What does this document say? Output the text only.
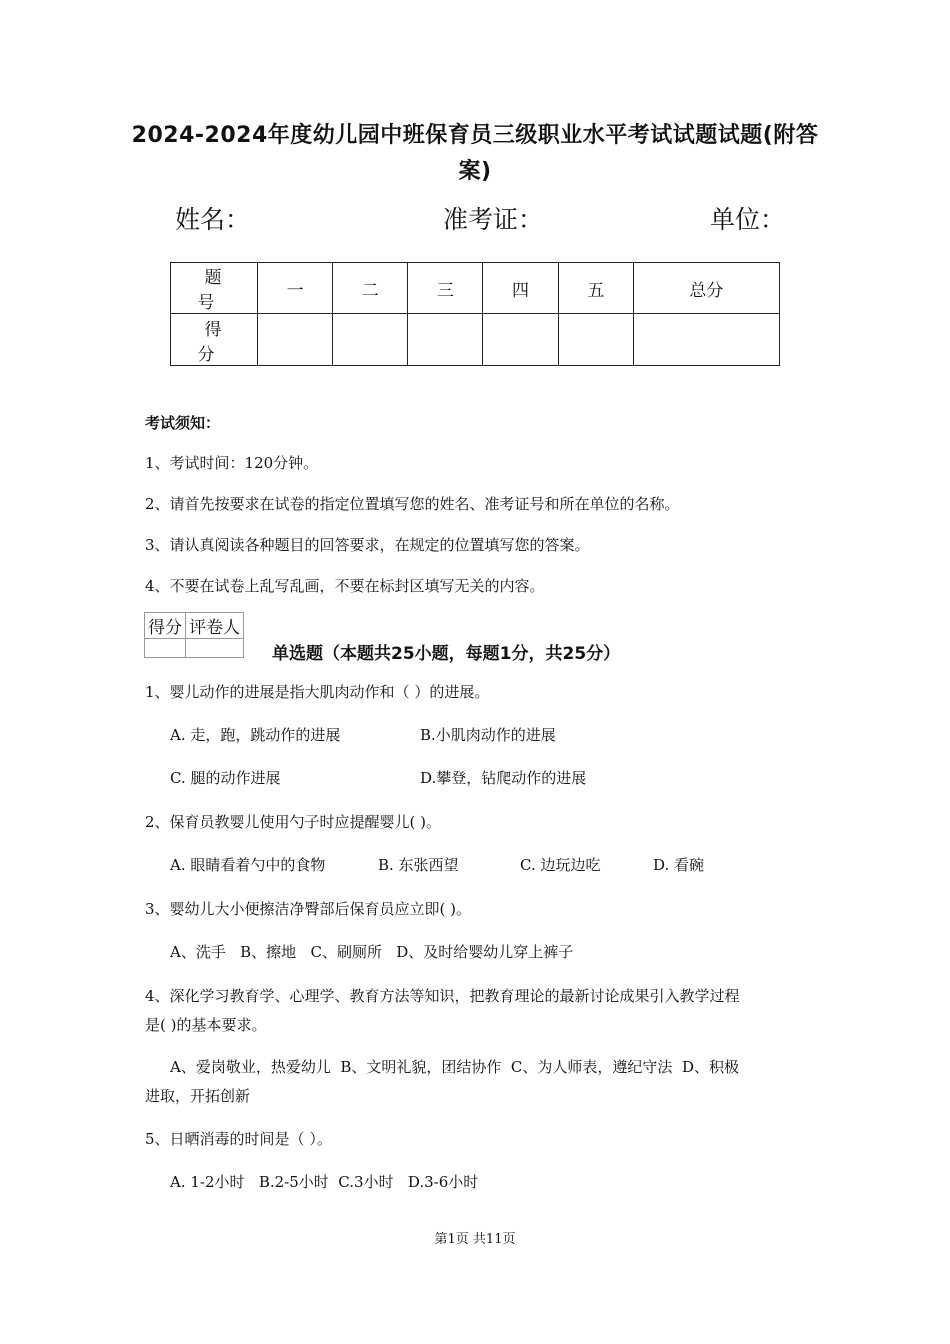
2024-2024年度幼儿园中班保育员三级职业水平考试试题试题(附答
案)
姓名：	准考证：	单位：
题 号	一	二	三	四	五	总分
得 分						
考试须知：
1、考试时间：120分钟。
2、请首先按要求在试卷的指定位置填写您的姓名、准考证号和所在单位的名称。
3、请认真阅读各种题目的回答要求，在规定的位置填写您的答案。
4、不要在试卷上乱写乱画，不要在标封区填写无关的内容。
得分	评卷人

单选题（本题共25小题，每题1分，共25分）
1、婴儿动作的进展是指大肌肉动作和（ ）的进展。
A. 走，跑，跳动作的进展	B.小肌肉动作的进展
C. 腿的动作进展	D.攀登，钻爬动作的进展
2、保育员教婴儿使用勺子时应提醒婴儿( )。
A. 眼睛看着勺中的食物	B. 东张西望	C. 边玩边吃	D. 看碗
3、婴幼儿大小便擦洁净臀部后保育员应立即( )。
A、洗手   B、擦地   C、刷厕所   D、及时给婴幼儿穿上裤子
4、深化学习教育学、心理学、教育方法等知识，把教育理论的最新讨论成果引入教学过程
是( )的基本要求。
A、爱岗敬业，热爱幼儿  B、文明礼貌，团结协作  C、为人师表，遵纪守法  D、积极
进取，开拓创新
5、日晒消毒的时间是（ ）。
A. 1-2小时   B.2-5小时  C.3小时   D.3-6小时
第1页 共11页
